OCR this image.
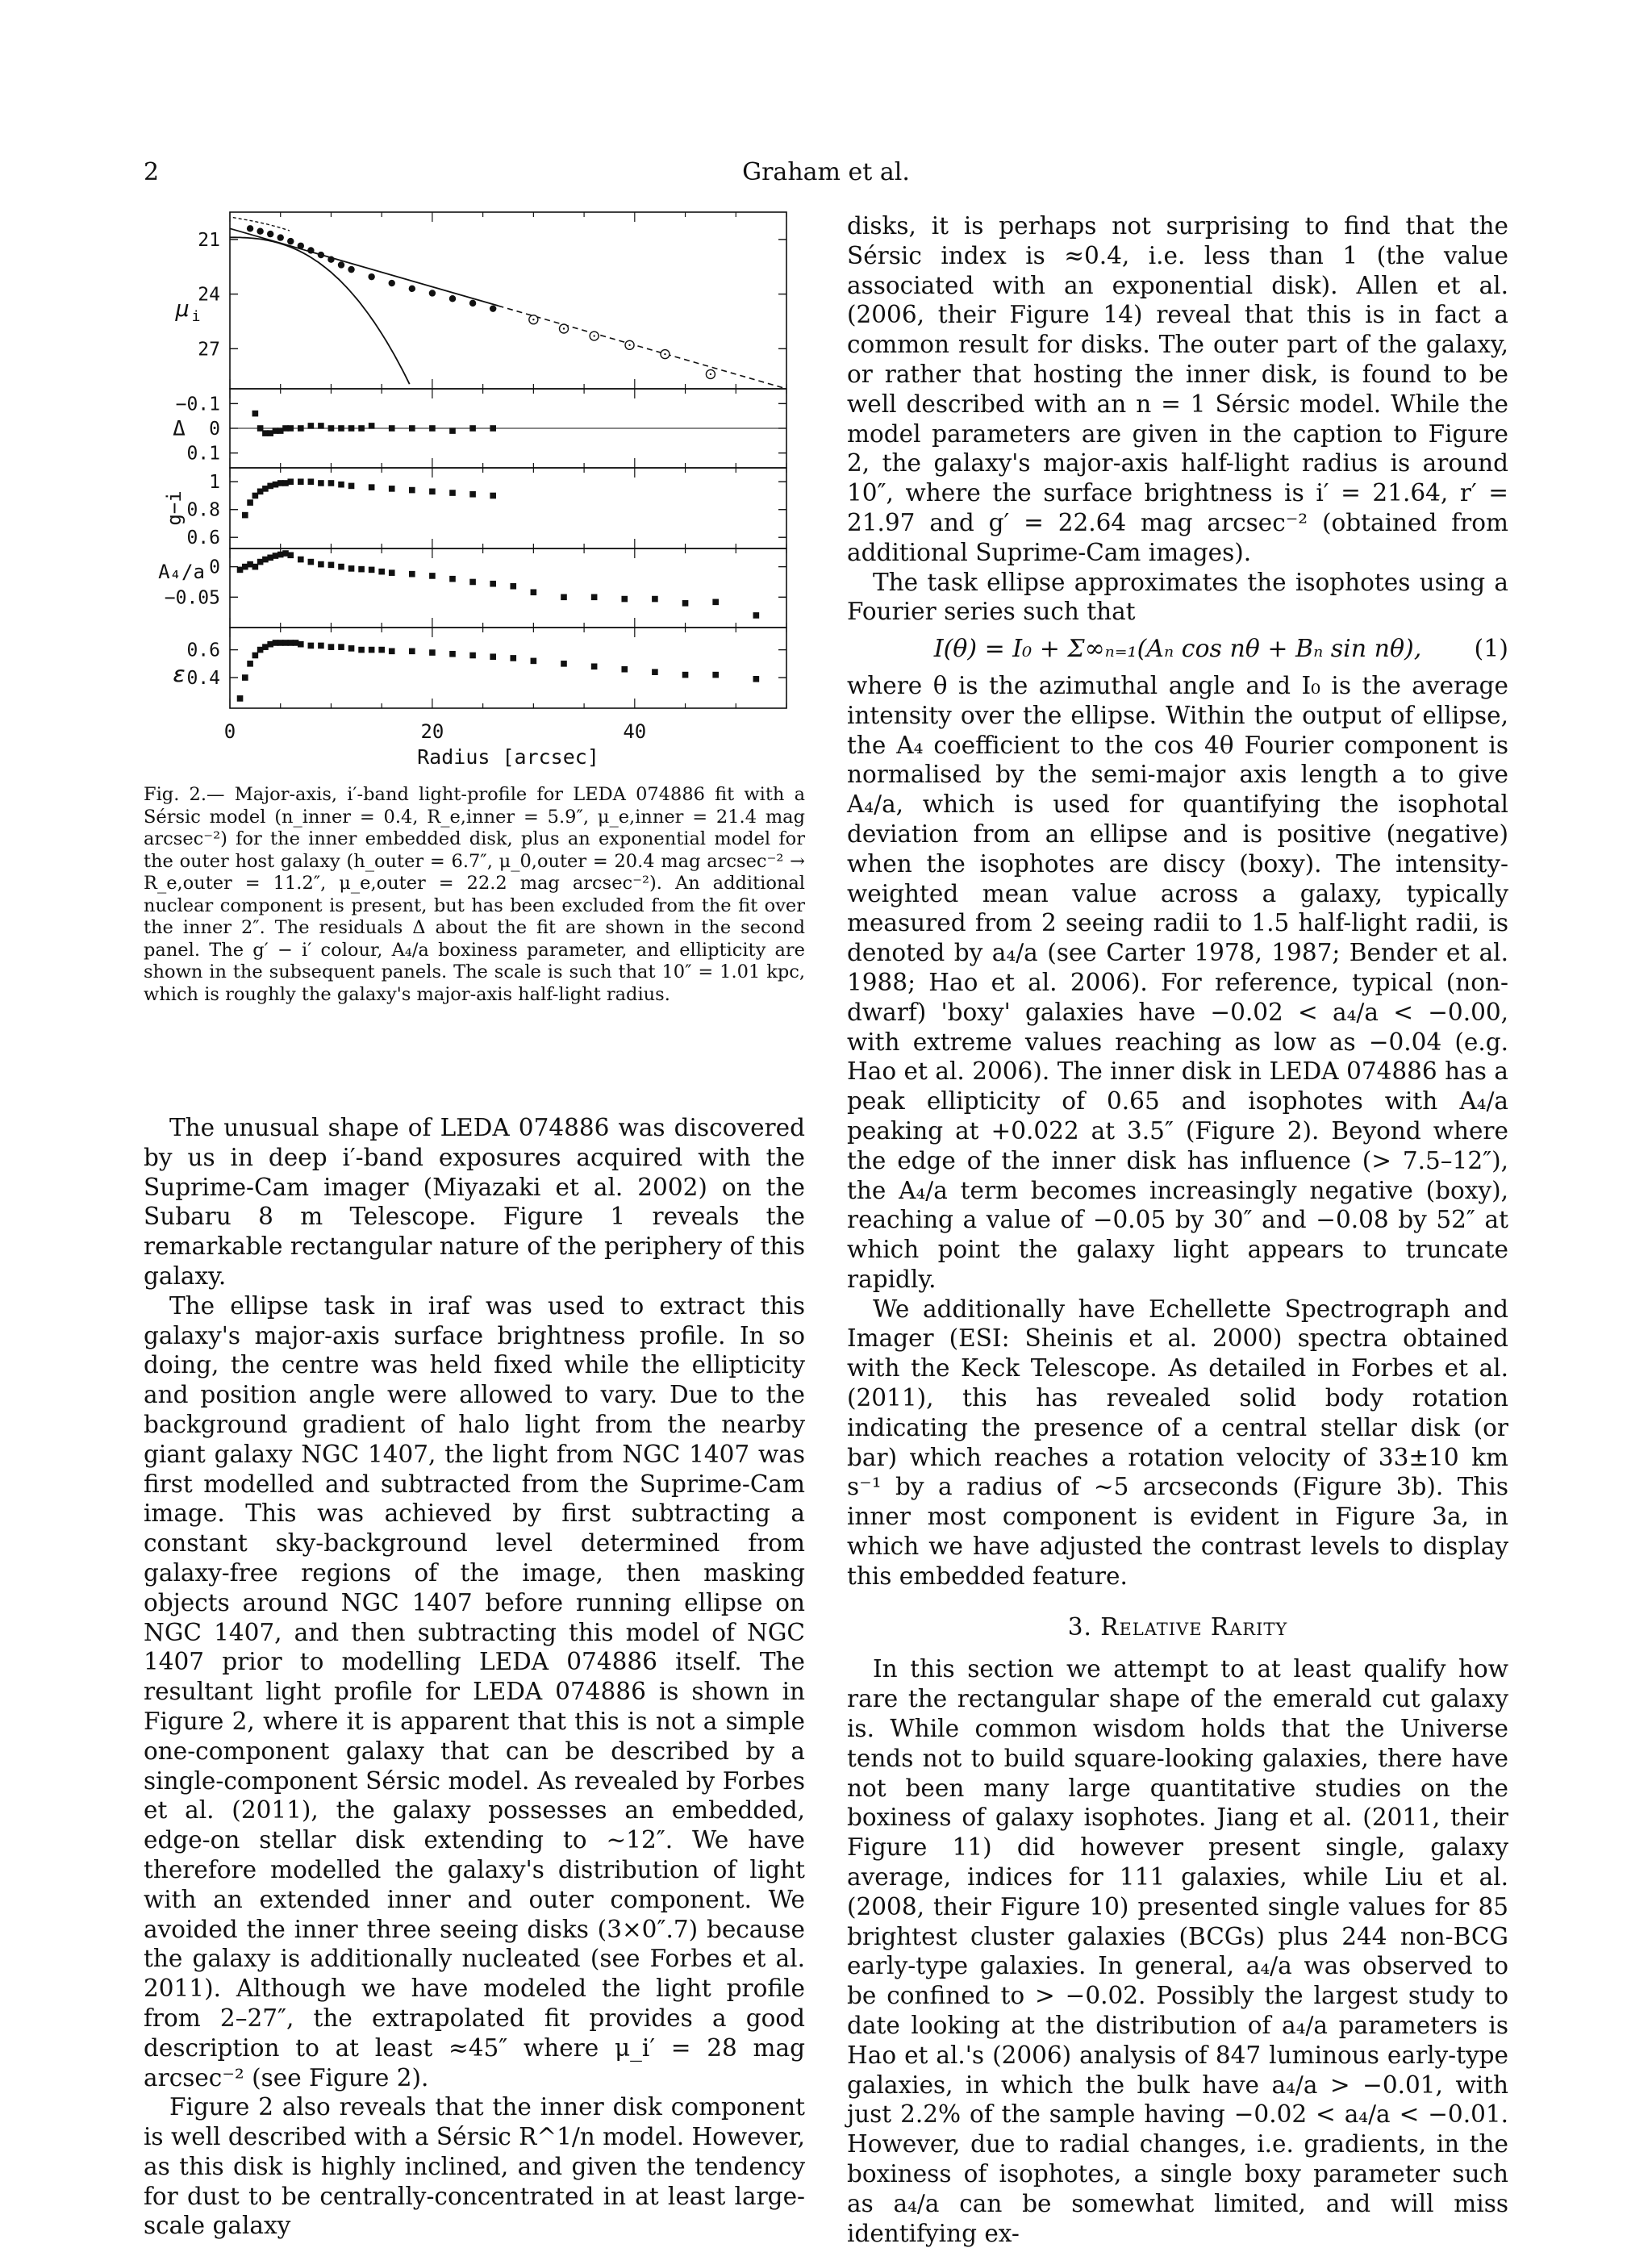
2	Graham et al.
21
24
27
−0.1
0
0.1
1
0.8
0.6
0
−0.05
0.6
0.4
μ i
Δ
A₄/a
ε
g−i
0	20	40
Radius [arcsec]
Fig. 2.— Major-axis, i′-band light-profile for LEDA 074886 fit with a Sérsic model (n_inner = 0.4, R_e,inner = 5.9″, μ_e,inner = 21.4 mag arcsec⁻²) for the inner embedded disk, plus an exponential model for the outer host galaxy (h_outer = 6.7″, μ_0,outer = 20.4 mag arcsec⁻² → R_e,outer = 11.2″, μ_e,outer = 22.2 mag arcsec⁻²). An additional nuclear component is present, but has been excluded from the fit over the inner 2″. The residuals Δ about the fit are shown in the second panel. The g′ − i′ colour, A₄/a boxiness parameter, and ellipticity are shown in the subsequent panels. The scale is such that 10″ = 1.01 kpc, which is roughly the galaxy's major-axis half-light radius.

The unusual shape of LEDA 074886 was discovered by us in deep i′-band exposures acquired with the Suprime-Cam imager (Miyazaki et al. 2002) on the Subaru 8 m Telescope. Figure 1 reveals the remarkable rectangular nature of the periphery of this galaxy.

The ellipse task in iraf was used to extract this galaxy's major-axis surface brightness profile. In so doing, the centre was held fixed while the ellipticity and position angle were allowed to vary. Due to the background gradient of halo light from the nearby giant galaxy NGC 1407, the light from NGC 1407 was first modelled and subtracted from the Suprime-Cam image. This was achieved by first subtracting a constant sky-background level determined from galaxy-free regions of the image, then masking objects around NGC 1407 before running ellipse on NGC 1407, and then subtracting this model of NGC 1407 prior to modelling LEDA 074886 itself. The resultant light profile for LEDA 074886 is shown in Figure 2, where it is apparent that this is not a simple one-component galaxy that can be described by a single-component Sérsic model. As revealed by Forbes et al. (2011), the galaxy possesses an embedded, edge-on stellar disk extending to ∼12″. We have therefore modelled the galaxy's distribution of light with an extended inner and outer component. We avoided the inner three seeing disks (3×0″.7) because the galaxy is additionally nucleated (see Forbes et al. 2011). Although we have modeled the light profile from 2–27″, the extrapolated fit provides a good description to at least ≈45″ where μ_i′ = 28 mag arcsec⁻² (see Figure 2).

Figure 2 also reveals that the inner disk component is well described with a Sérsic R^1/n model. However, as this disk is highly inclined, and given the tendency for dust to be centrally-concentrated in at least large-scale galaxy

disks, it is perhaps not surprising to find that the Sérsic index is ≈0.4, i.e. less than 1 (the value associated with an exponential disk). Allen et al. (2006, their Figure 14) reveal that this is in fact a common result for disks. The outer part of the galaxy, or rather that hosting the inner disk, is found to be well described with an n = 1 Sérsic model. While the model parameters are given in the caption to Figure 2, the galaxy's major-axis half-light radius is around 10″, where the surface brightness is i′ = 21.64, r′ = 21.97 and g′ = 22.64 mag arcsec⁻² (obtained from additional Suprime-Cam images).

The task ellipse approximates the isophotes using a Fourier series such that

I(θ) = I₀ + Σ∞ₙ₌₁(Aₙ cos nθ + Bₙ sin nθ), (1)

where θ is the azimuthal angle and I₀ is the average intensity over the ellipse. Within the output of ellipse, the A₄ coefficient to the cos 4θ Fourier component is normalised by the semi-major axis length a to give A₄/a, which is used for quantifying the isophotal deviation from an ellipse and is positive (negative) when the isophotes are discy (boxy). The intensity-weighted mean value across a galaxy, typically measured from 2 seeing radii to 1.5 half-light radii, is denoted by a₄/a (see Carter 1978, 1987; Bender et al. 1988; Hao et al. 2006). For reference, typical (non-dwarf) 'boxy' galaxies have −0.02 < a₄/a < −0.00, with extreme values reaching as low as −0.04 (e.g. Hao et al. 2006). The inner disk in LEDA 074886 has a peak ellipticity of 0.65 and isophotes with A₄/a peaking at +0.022 at 3.5″ (Figure 2). Beyond where the edge of the inner disk has influence (> 7.5–12″), the A₄/a term becomes increasingly negative (boxy), reaching a value of −0.05 by 30″ and −0.08 by 52″ at which point the galaxy light appears to truncate rapidly.

We additionally have Echellette Spectrograph and Imager (ESI: Sheinis et al. 2000) spectra obtained with the Keck Telescope. As detailed in Forbes et al. (2011), this has revealed solid body rotation indicating the presence of a central stellar disk (or bar) which reaches a rotation velocity of 33±10 km s⁻¹ by a radius of ∼5 arcseconds (Figure 3b). This inner most component is evident in Figure 3a, in which we have adjusted the contrast levels to display this embedded feature.

3. Relative Rarity

In this section we attempt to at least qualify how rare the rectangular shape of the emerald cut galaxy is. While common wisdom holds that the Universe tends not to build square-looking galaxies, there have not been many large quantitative studies on the boxiness of galaxy isophotes. Jiang et al. (2011, their Figure 11) did however present single, galaxy average, indices for 111 galaxies, while Liu et al. (2008, their Figure 10) presented single values for 85 brightest cluster galaxies (BCGs) plus 244 non-BCG early-type galaxies. In general, a₄/a was observed to be confined to > −0.02. Possibly the largest study to date looking at the distribution of a₄/a parameters is Hao et al.'s (2006) analysis of 847 luminous early-type galaxies, in which the bulk have a₄/a > −0.01, with just 2.2% of the sample having −0.02 < a₄/a < −0.01. However, due to radial changes, i.e. gradients, in the boxiness of isophotes, a single boxy parameter such as a₄/a can be somewhat limited, and will miss identifying ex-
